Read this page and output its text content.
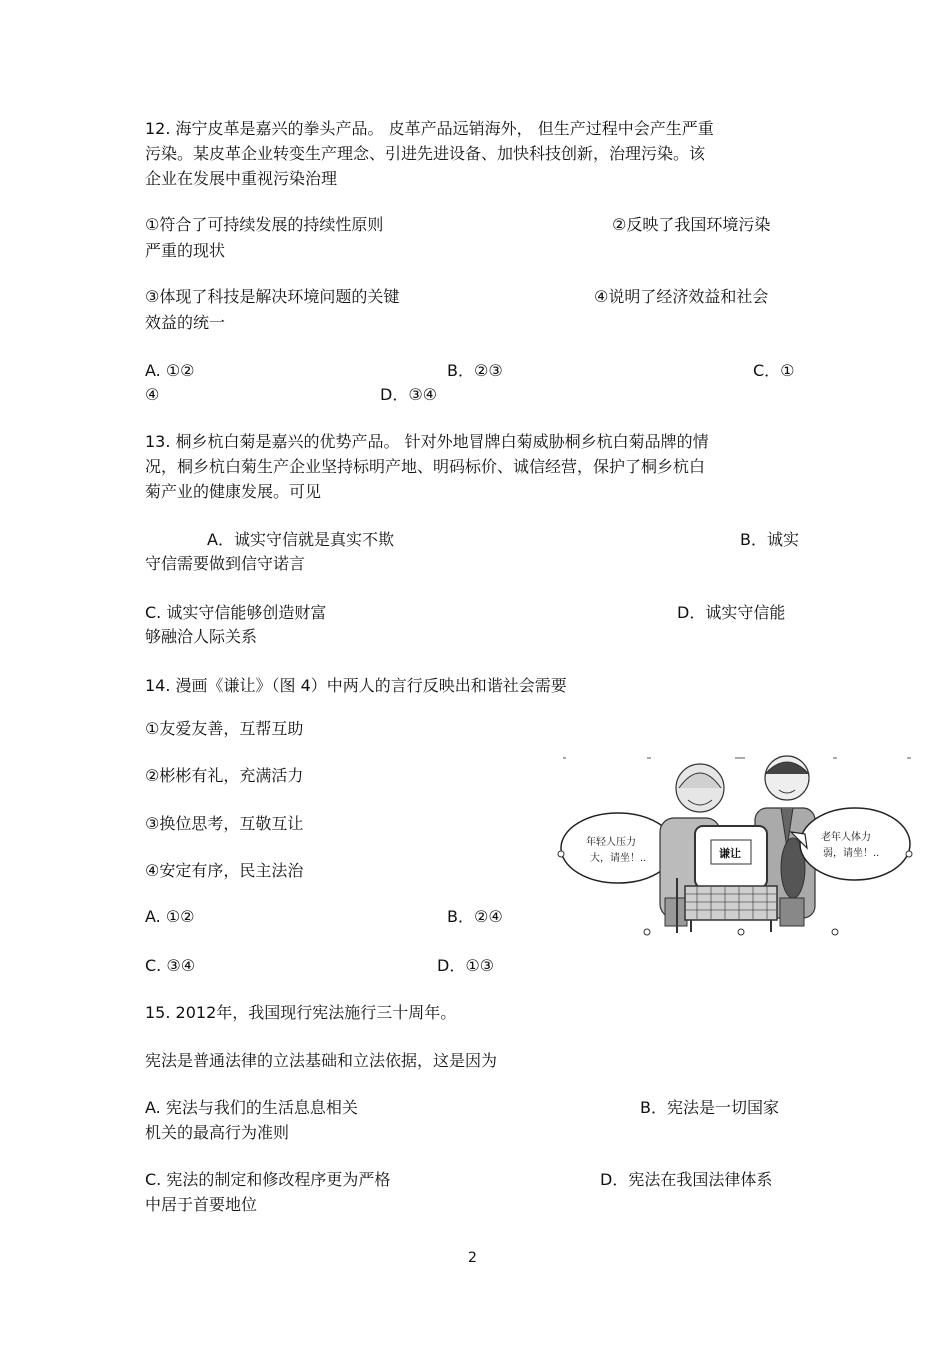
12. 海宁皮革是嘉兴的拳头产品。 皮革产品远销海外， 但生产过程中会产生严重
污染。某皮革企业转变生产理念、引进先进设备、加快科技创新，治理污染。该
企业在发展中重视污染治理
①符合了可持续发展的持续性原则	②反映了我国环境污染
严重的现状
③体现了科技是解决环境问题的关键	④说明了经济效益和社会
效益的统一
A. ①②	B．②③	C．①
④	D．③④
13. 桐乡杭白菊是嘉兴的优势产品。 针对外地冒牌白菊威胁桐乡杭白菊品牌的情
况，桐乡杭白菊生产企业坚持标明产地、明码标价、诚信经营，保护了桐乡杭白
菊产业的健康发展。可见
A．诚实守信就是真实不欺	B．诚实
守信需要做到信守诺言
C. 诚实守信能够创造财富	D．诚实守信能
够融洽人际关系
14. 漫画《谦让》（图 4）中两人的言行反映出和谐社会需要
①友爱友善，互帮互助
②彬彬有礼，充满活力
③换位思考，互敬互让
④安定有序，民主法治
A. ①②	B．②④
C. ③④	D．①③
年轻人压力
大，请坐！..	谦让
老年人体力
弱，请坐！..
15. 2012年，我国现行宪法施行三十周年。
宪法是普通法律的立法基础和立法依据，这是因为
A. 宪法与我们的生活息息相关	B．宪法是一切国家
机关的最高行为准则
C. 宪法的制定和修改程序更为严格	D．宪法在我国法律体系
中居于首要地位
2
